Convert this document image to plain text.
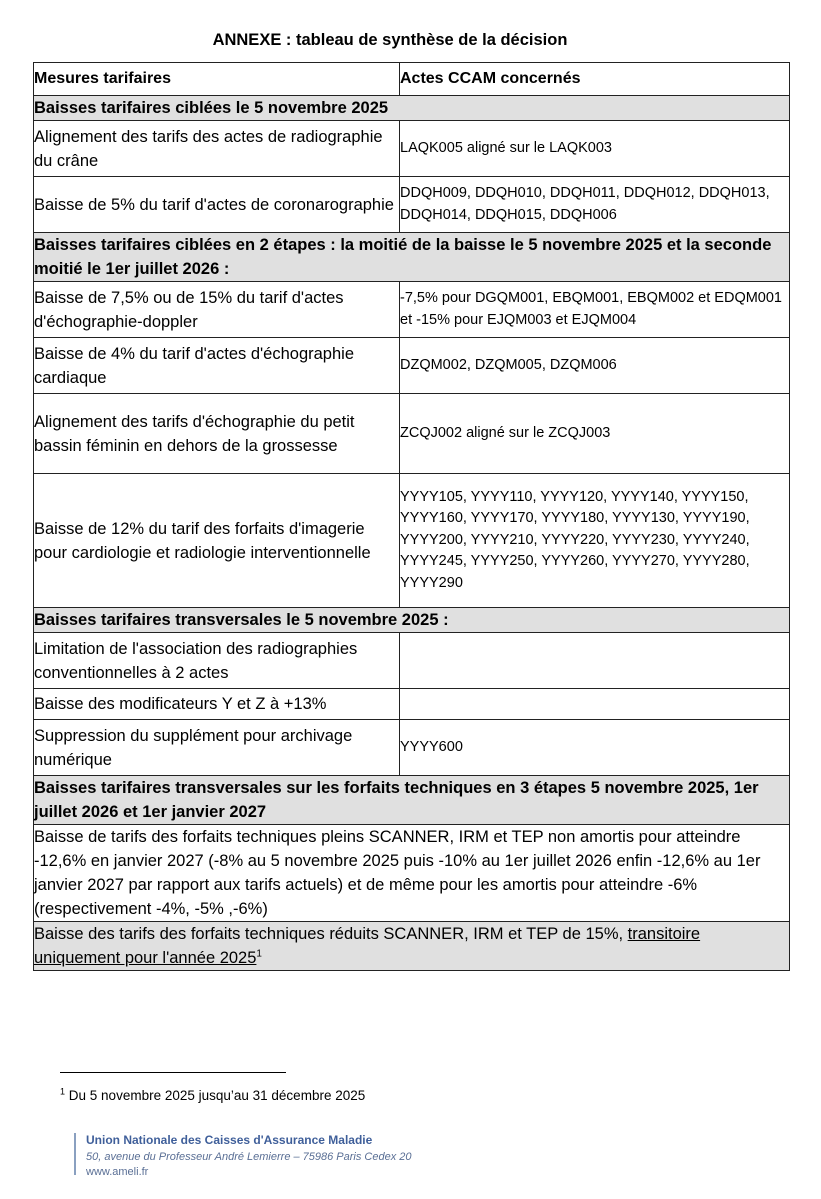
ANNEXE : tableau de synthèse de la décision
Mesures tarifaires	Actes CCAM concernés
Baisses tarifaires ciblées le 5 novembre 2025	
Alignement des tarifs des actes de radiographie du crâne	LAQK005 aligné sur le LAQK003
Baisse de 5% du tarif d'actes de coronarographie	DDQH009, DDQH010, DDQH011, DDQH012, DDQH013, DDQH014, DDQH015, DDQH006
Baisses tarifaires ciblées en 2 étapes : la moitié de la baisse le 5 novembre 2025 et la seconde moitié le 1er juillet 2026 :	
Baisse de 7,5% ou de 15% du tarif d'actes d'échographie-doppler	-7,5% pour DGQM001, EBQM001, EBQM002 et EDQM001 et -15% pour EJQM003 et EJQM004
Baisse de 4% du tarif d'actes d'échographie cardiaque	DZQM002, DZQM005, DZQM006
Alignement des tarifs d'échographie du petit bassin féminin en dehors de la grossesse	ZCQJ002 aligné sur le ZCQJ003
Baisse de 12% du tarif des forfaits d'imagerie pour cardiologie et radiologie interventionnelle	YYYY105, YYYY110, YYYY120, YYYY140, YYYY150, YYYY160, YYYY170, YYYY180, YYYY130, YYYY190, YYYY200, YYYY210, YYYY220, YYYY230, YYYY240, YYYY245, YYYY250, YYYY260, YYYY270, YYYY280, YYYY290
Baisses tarifaires transversales le 5 novembre 2025 :	
Limitation de l'association des radiographies conventionnelles à 2 actes	
Baisse des modificateurs Y et Z à +13%	
Suppression du supplément pour archivage numérique	YYYY600
Baisses tarifaires transversales sur les forfaits techniques en 3 étapes 5 novembre 2025, 1er juillet 2026 et 1er janvier 2027	
Baisse de tarifs des forfaits techniques pleins SCANNER, IRM et TEP non amortis pour atteindre -12,6% en janvier 2027 (-8% au 5 novembre 2025 puis -10% au 1er juillet 2026 enfin -12,6% au 1er janvier 2027 par rapport aux tarifs actuels) et de même pour les amortis pour atteindre -6% (respectivement -4%, -5% ,-6%)	
Baisse des tarifs des forfaits techniques réduits SCANNER, IRM et TEP de 15%, transitoire uniquement pour l'année 2025$^1$
$^1$ Du 5 novembre 2025 jusqu’au 31 décembre 2025
Union Nationale des Caisses d'Assurance Maladie
50, avenue du Professeur André Lemierre – 75986 Paris Cedex 20
www.ameli.fr
